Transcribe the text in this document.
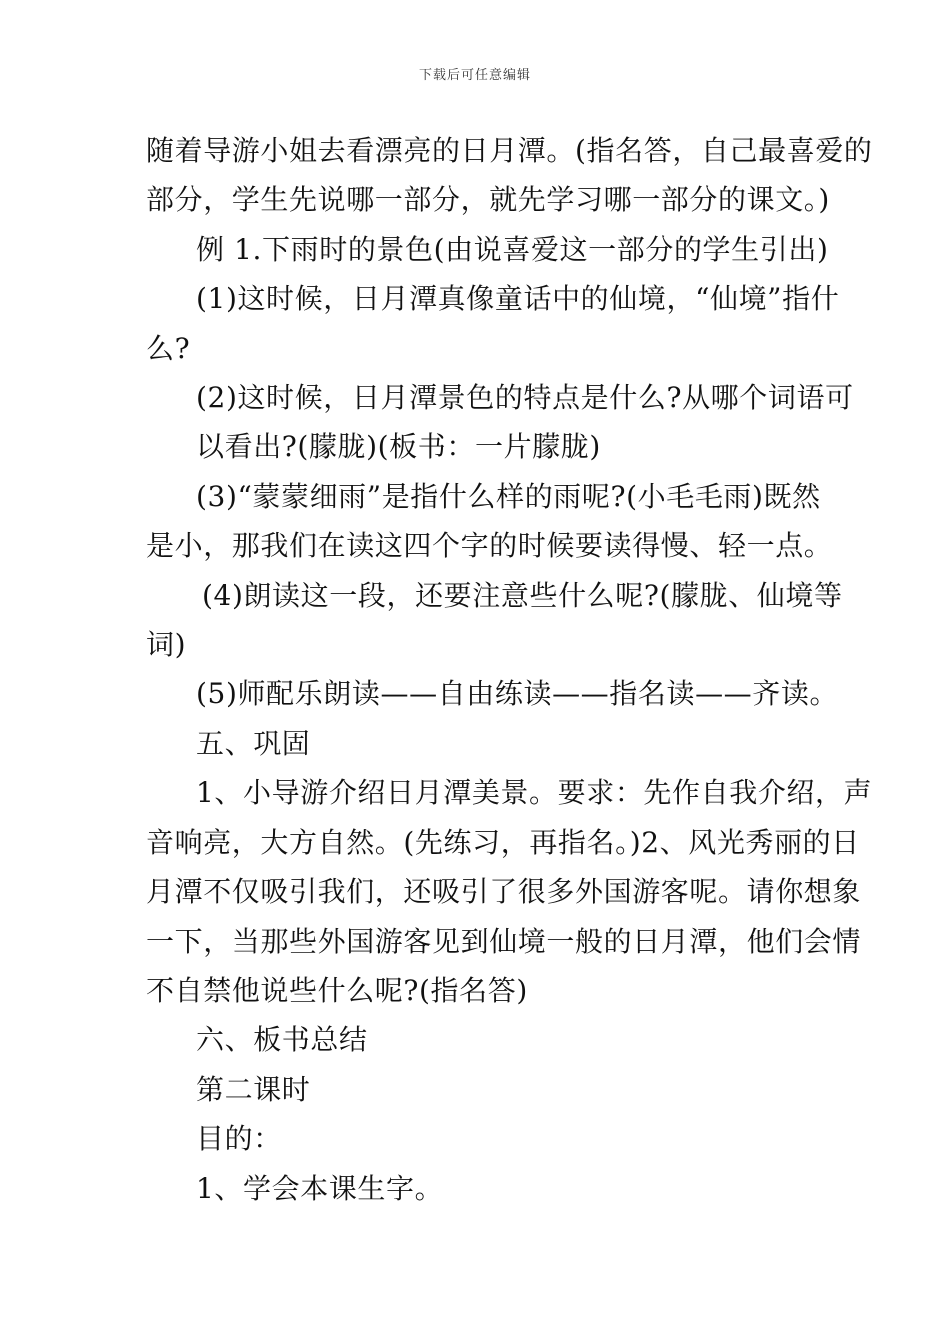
下载后可任意编辑
随着导游小姐去看漂亮的日月潭。(指名答，自己最喜爱的
部分，学生先说哪一部分，就先学习哪一部分的课文。)
例 1.下雨时的景色(由说喜爱这一部分的学生引出)
(1)这时候，日月潭真像童话中的仙境，“仙境”指什
么?
(2)这时候，日月潭景色的特点是什么?从哪个词语可
以看出?(朦胧)(板书：一片朦胧)
(3)“蒙蒙细雨”是指什么样的雨呢?(小毛毛雨)既然
是小，那我们在读这四个字的时候要读得慢、轻一点。
(4)朗读这一段，还要注意些什么呢?(朦胧、仙境等
词)
(5)师配乐朗读——自由练读——指名读——齐读。
五、巩固
1、小导游介绍日月潭美景。要求：先作自我介绍，声
音响亮，大方自然。(先练习，再指名。)2、风光秀丽的日
月潭不仅吸引我们，还吸引了很多外国游客呢。请你想象
一下，当那些外国游客见到仙境一般的日月潭，他们会情
不自禁他说些什么呢?(指名答)
六、板书总结
第二课时
目的：
1、学会本课生字。
